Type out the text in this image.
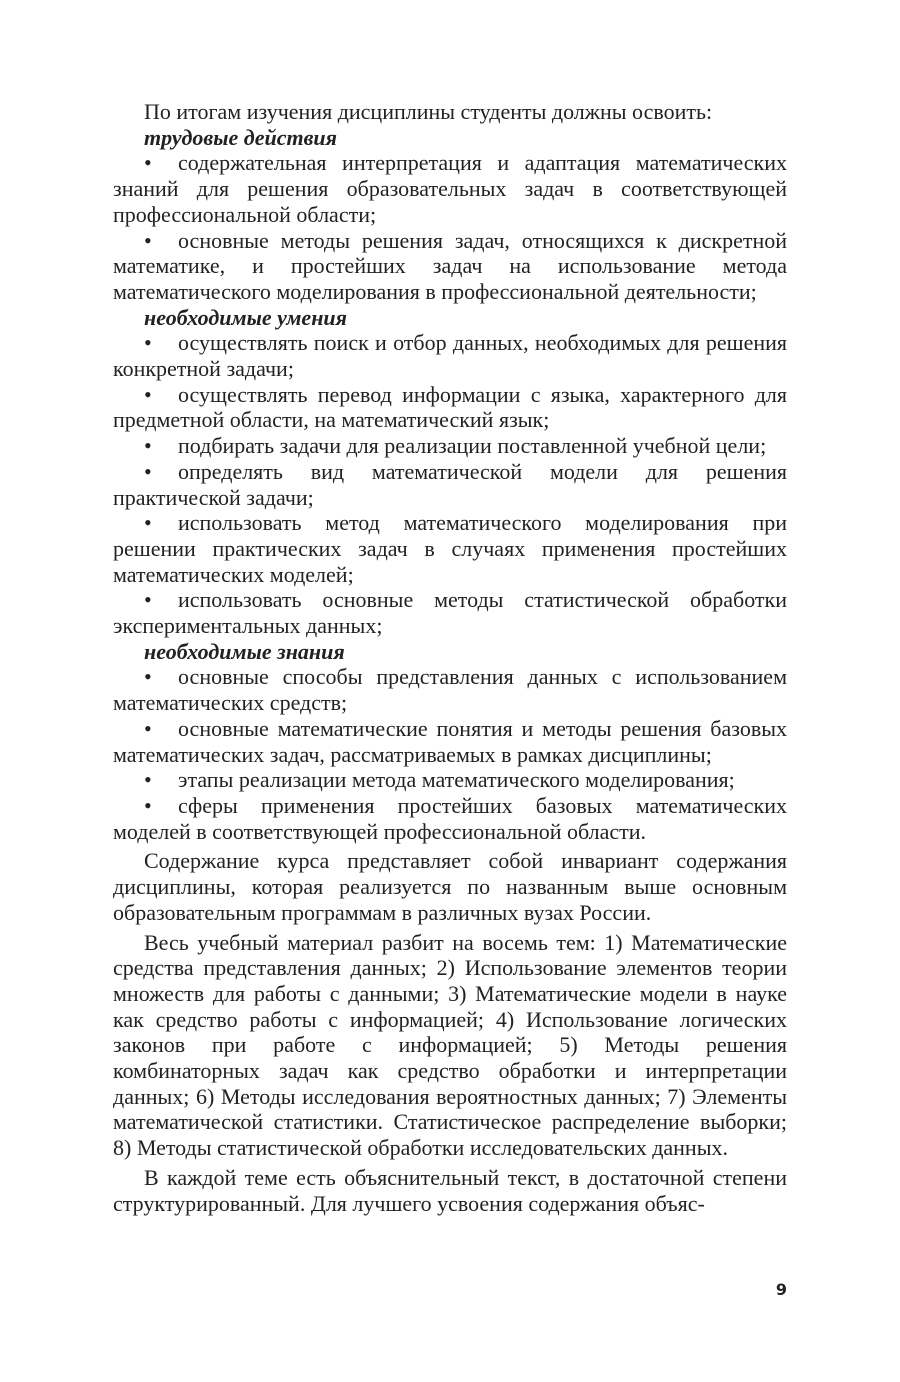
По итогам изучения дисциплины студенты должны освоить:

трудовые действия
• содержательная интерпретация и адаптация математических знаний для решения образовательных задач в соответствующей профессиональной области;
• основные методы решения задач, относящихся к дискретной математике, и простейших задач на использование метода математического моделирования в профессиональной деятельности;
необходимые умения
• осуществлять поиск и отбор данных, необходимых для решения конкретной задачи;
• осуществлять перевод информации с языка, характерного для предметной области, на математический язык;
• подбирать задачи для реализации поставленной учебной цели;
• определять вид математической модели для решения практической задачи;
• использовать метод математического моделирования при решении практических задач в случаях применения простейших математических моделей;
• использовать основные методы статистической обработки экспериментальных данных;
необходимые знания
• основные способы представления данных с использованием математических средств;
• основные математические понятия и методы решения базовых математических задач, рассматриваемых в рамках дисциплины;
• этапы реализации метода математического моделирования;
• сферы применения простейших базовых математических моделей в соответствующей профессиональной области.

Содержание курса представляет собой инвариант содержания дисциплины, которая реализуется по названным выше основным образовательным программам в различных вузах России.

Весь учебный материал разбит на восемь тем: 1) Математические средства представления данных; 2) Использование элементов теории множеств для работы с данными; 3) Математические модели в науке как средство работы с информацией; 4) Использование логических законов при работе с информацией; 5) Методы решения комбинаторных задач как средство обработки и интерпретации данных; 6) Методы исследования вероятностных данных; 7) Элементы математической статистики. Статистическое распределение выборки; 8) Методы статистической обработки исследовательских данных.

В каждой теме есть объяснительный текст, в достаточной степени структурированный. Для лучшего усвоения содержания объяс-

9
